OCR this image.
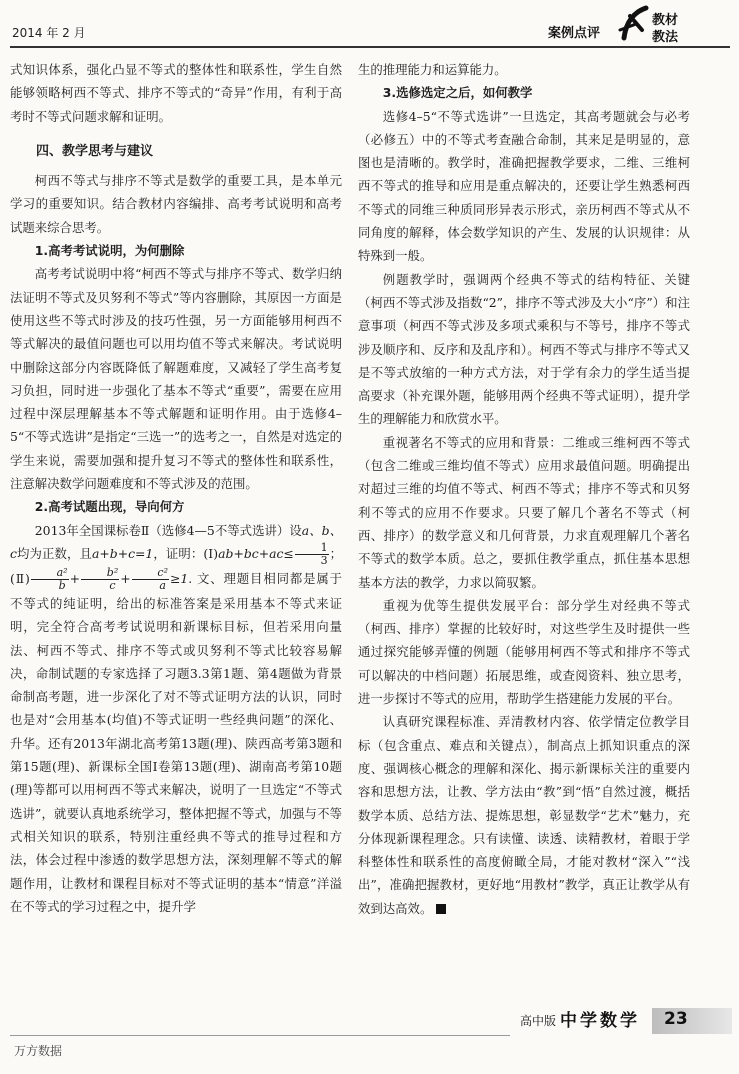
2014 年 2 月	案例点评
教材
教法

式知识体系，强化凸显不等式的整体性和联系性，学生自然能够领略柯西不等式、排序不等式的“奇异”作用，有利于高考时不等式问题求解和证明。

四、教学思考与建议

柯西不等式与排序不等式是数学的重要工具，是本单元学习的重要知识。结合教材内容编排、高考考试说明和高考试题来综合思考。

1.高考考试说明，为何删除

高考考试说明中将“柯西不等式与排序不等式、数学归纳法证明不等式及贝努利不等式”等内容删除，其原因一方面是使用这些不等式时涉及的技巧性强，另一方面能够用柯西不等式解决的最值问题也可以用均值不等式来解决。考试说明中删除这部分内容既降低了解题难度，又减轻了学生高考复习负担，同时进一步强化了基本不等式“重要”，需要在应用过程中深层理解基本不等式解题和证明作用。由于选修4–5“不等式选讲”是指定“三选一”的选考之一，自然是对选定的学生来说，需要加强和提升复习不等式的整体性和联系性，注意解决数学问题难度和不等式涉及的范围。

2.高考试题出现，导向何方

2013年全国课标卷Ⅱ（选修4—5不等式选讲）设a、b、c均为正数，且a+b+c=1，证明：(Ⅰ)ab+bc+ac≤ $\frac{1}{3}$ ；(Ⅱ) $\frac{\text{a²}}{b} + \frac{\text{b²}}{c} + \frac{\text{c²}}{a} \ge 1$. 文、理题目相同都是属于不等式的纯证明，给出的标准答案是采用基本不等式来证明，完全符合高考考试说明和新课标目标，但若采用向量法、柯西不等式、排序不等式或贝努利不等式比较容易解决，命制试题的专家选择了习题3.3第1题、第4题做为背景命制高考题，进一步深化了对不等式证明方法的认识，同时也是对“会用基本(均值)不等式证明一些经典问题”的深化、升华。还有2013年湖北高考第13题(理)、陕西高考第3题和第15题(理)、新课标全国Ⅰ卷第13题(理)、湖南高考第10题(理)等都可以用柯西不等式来解决，说明了一旦选定“不等式选讲”，就要认真地系统学习，整体把握不等式，加强与不等式相关知识的联系，特别注重经典不等式的推导过程和方法，体会过程中渗透的数学思想方法，深刻理解不等式的解题作用，让教材和课程目标对不等式证明的基本“情意”洋溢在不等式的学习过程之中，提升学

生的推理能力和运算能力。

3.选修选定之后，如何教学

选修4–5“不等式选讲”一旦选定，其高考题就会与必考（必修五）中的不等式考查融合命制，其来足是明显的，意图也是清晰的。教学时，准确把握教学要求，二维、三维柯西不等式的推导和应用是重点解决的，还要让学生熟悉柯西不等式的同维三种质同形异表示形式，亲历柯西不等式从不同角度的解释，体会数学知识的产生、发展的认识规律：从特殊到一般。

例题教学时，强调两个经典不等式的结构特征、关键（柯西不等式涉及指数“2”，排序不等式涉及大小“序”）和注意事项（柯西不等式涉及多项式乘积与不等号，排序不等式涉及顺序和、反序和及乱序和）。柯西不等式与排序不等式又是不等式放缩的一种方式方法，对于学有余力的学生适当提高要求（补充课外题，能够用两个经典不等式证明），提升学生的理解能力和欣赏水平。

重视著名不等式的应用和背景：二维或三维柯西不等式（包含二维或三维均值不等式）应用求最值问题。明确提出对超过三维的均值不等式、柯西不等式；排序不等式和贝努利不等式的应用不作要求。只要了解几个著名不等式（柯西、排序）的数学意义和几何背景，力求直观理解几个著名不等式的数学本质。总之，要抓住教学重点，抓住基本思想基本方法的教学，力求以简驭繁。

重视为优等生提供发展平台：部分学生对经典不等式（柯西、排序）掌握的比较好时，对这些学生及时提供一些通过探究能够弄懂的例题（能够用柯西不等式和排序不等式可以解决的中档问题）拓展思维，或查阅资料、独立思考，进一步探讨不等式的应用，帮助学生搭建能力发展的平台。

认真研究课程标准、弄清教材内容、依学情定位教学目标（包含重点、难点和关键点），制高点上抓知识重点的深度、强调核心概念的理解和深化、揭示新课标关注的重要内容和思想方法，让教、学方法由“教”到“悟”自然过渡，概括数学本质、总结方法、提炼思想，彰显数学“艺术”魅力，充分体现新课程理念。只有读懂、读透、读精教材，着眼于学科整体性和联系性的高度俯瞰全局，才能对教材“深入”“浅出”，准确把握教材，更好地“用教材”教学，真正让教学从有效到达高效。

高中版 中学数学 23
万方数据
